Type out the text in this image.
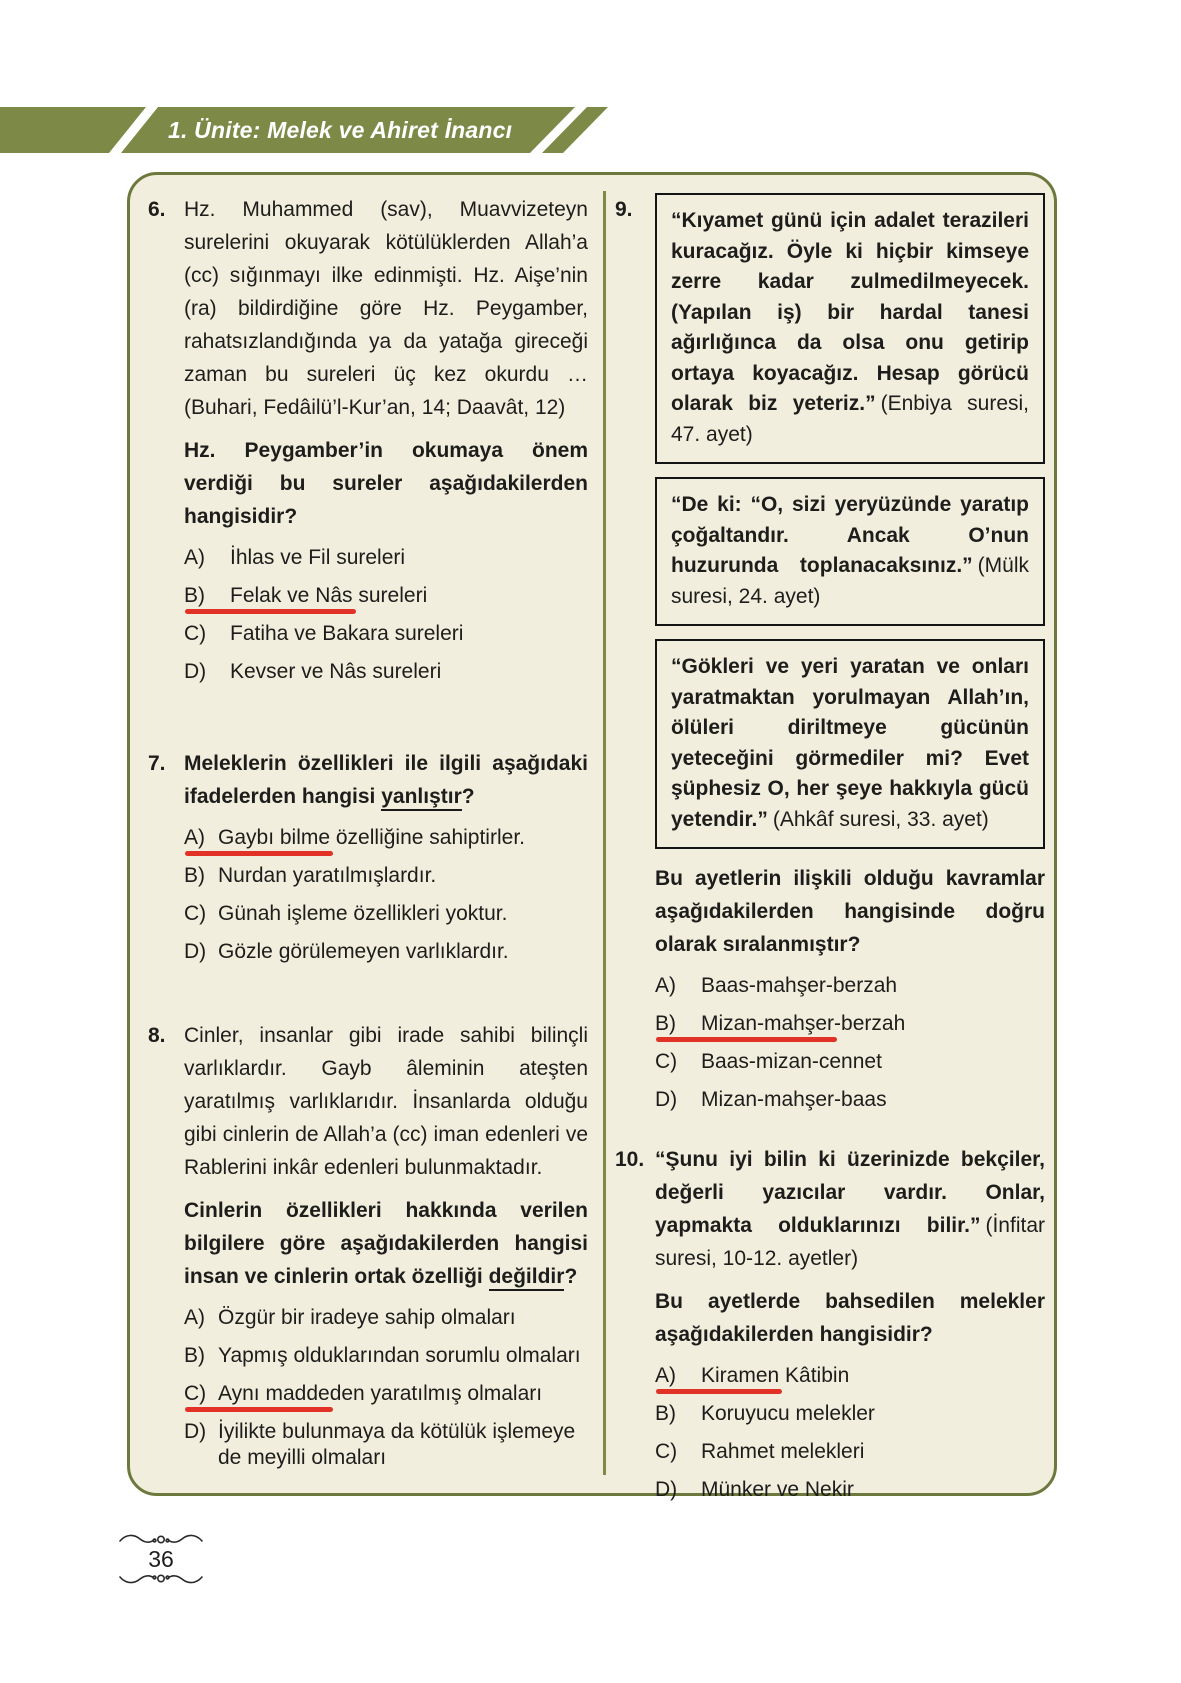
1. Ünite: Melek ve Ahiret İnancı
6. Hz. Muhammed (sav), Muavvizeteyn surelerini okuyarak kötülüklerden Allah’a (cc) sığınmayı ilke edinmişti. Hz. Aişe’nin (ra) bildirdiğine göre Hz. Peygamber, rahatsızlandığında ya da yatağa gireceği zaman bu sureleri üç kez okurdu … (Buhari, Fedâilü’l-Kur’an, 14; Daavât, 12)

Hz. Peygamber’in okumaya önem verdiği bu sureler aşağıdakilerden hangisidir?

A) İhlas ve Fil sureleri
B) Felak ve Nâs sureleri
C) Fatiha ve Bakara sureleri
D) Kevser ve Nâs sureleri
7. Meleklerin özellikleri ile ilgili aşağıdaki ifadelerden hangisi yanlıştır?

A) Gaybı bilme özelliğine sahiptirler.
B) Nurdan yaratılmışlardır.
C) Günah işleme özellikleri yoktur.
D) Gözle görülemeyen varlıklardır.
8. Cinler, insanlar gibi irade sahibi bilinçli varlıklardır. Gayb âleminin ateşten yaratılmış varlıklarıdır. İnsanlarda olduğu gibi cinlerin de Allah’a (cc) iman edenleri ve Rablerini inkâr edenleri bulunmaktadır.

Cinlerin özellikleri hakkında verilen bilgilere göre aşağıdakilerden hangisi insan ve cinlerin ortak özelliği değildir?

A) Özgür bir iradeye sahip olmaları
B) Yapmış olduklarından sorumlu olmaları
C) Aynı maddeden yaratılmış olmaları
D) İyilikte bulunmaya da kötülük işlemeye de meyilli olmaları
9.	“Kıyamet günü için adalet terazileri kuracağız. Öyle ki hiçbir kimseye zerre kadar zulmedilmeyecek. (Yapılan iş) bir hardal tanesi ağırlığınca da olsa onu getirip ortaya koyacağız. Hesap görücü olarak biz yeteriz.” (Enbiya suresi, 47. ayet)

“De ki: “O, sizi yeryüzünde yaratıp çoğaltandır. Ancak O’nun huzurunda toplanacaksınız.” (Mülk suresi, 24. ayet)

“Gökleri ve yeri yaratan ve onları yaratmaktan yorulmayan Allah’ın, ölüleri diriltmeye gücünün yeteceğini görmediler mi? Evet şüphesiz O, her şeye hakkıyla gücü yetendir.” (Ahkâf suresi, 33. ayet)

Bu ayetlerin ilişkili olduğu kavramlar aşağıdakilerden hangisinde doğru olarak sıralanmıştır?

A) Baas-mahşer-berzah
B) Mizan-mahşer-berzah
C) Baas-mizan-cennet
D) Mizan-mahşer-baas
10. “Şunu iyi bilin ki üzerinizde bekçiler, değerli yazıcılar vardır. Onlar, yapmakta olduklarınızı bilir.” (İnfitar suresi, 10-12. ayetler)

Bu ayetlerde bahsedilen melekler aşağıdakilerden hangisidir?

A) Kiramen Kâtibin
B) Koruyucu melekler
C) Rahmet melekleri
D) Münker ve Nekir
36
